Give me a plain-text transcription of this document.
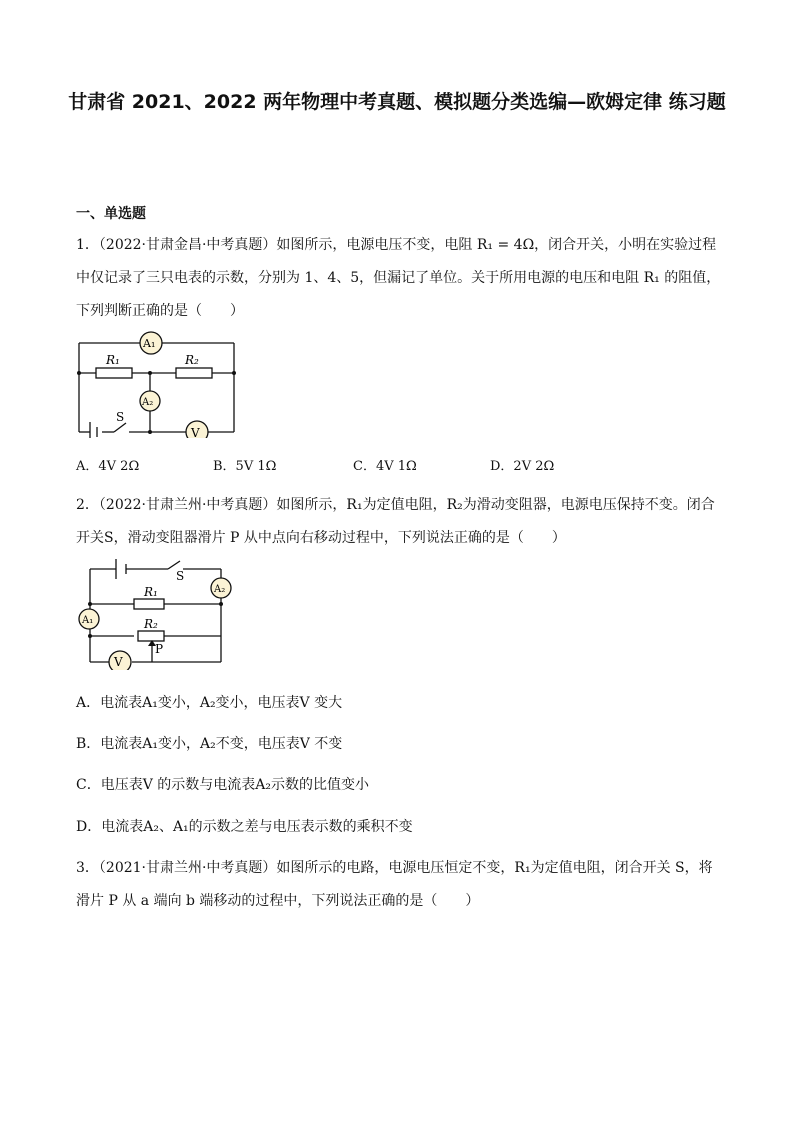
甘肃省 2021、2022 两年物理中考真题、模拟题分类选编—欧姆定律 练习题
一、单选题
1．（2022·甘肃金昌·中考真题）如图所示，电源电压不变，电阻 R₁ = 4Ω，闭合开关，小明在实验过程中仅记录了三只电表的示数，分别为 1、4、5，但漏记了单位。关于所用电源的电压和电阻 R₁ 的阻值，下列判断正确的是（　　）
A₁
A₂
V
R₁	R₂
S
A．4V 2Ω	B．5V 1Ω	C．4V 1Ω	D．2V 2Ω
2．（2022·甘肃兰州·中考真题）如图所示，R₁为定值电阻，R₂为滑动变阻器，电源电压保持不变。闭合开关S，滑动变阻器滑片 P 从中点向右移动过程中，下列说法正确的是（　　）
S
A₂
A₁
R₁
R₂
P
V
A．电流表A₁变小，A₂变小，电压表V 变大
B．电流表A₁变小，A₂不变，电压表V 不变
C．电压表V 的示数与电流表A₂示数的比值变小
D．电流表A₂、A₁的示数之差与电压表示数的乘积不变
3．（2021·甘肃兰州·中考真题）如图所示的电路，电源电压恒定不变，R₁为定值电阻，闭合开关 S，将滑片 P 从 a 端向 b 端移动的过程中，下列说法正确的是（　　）
